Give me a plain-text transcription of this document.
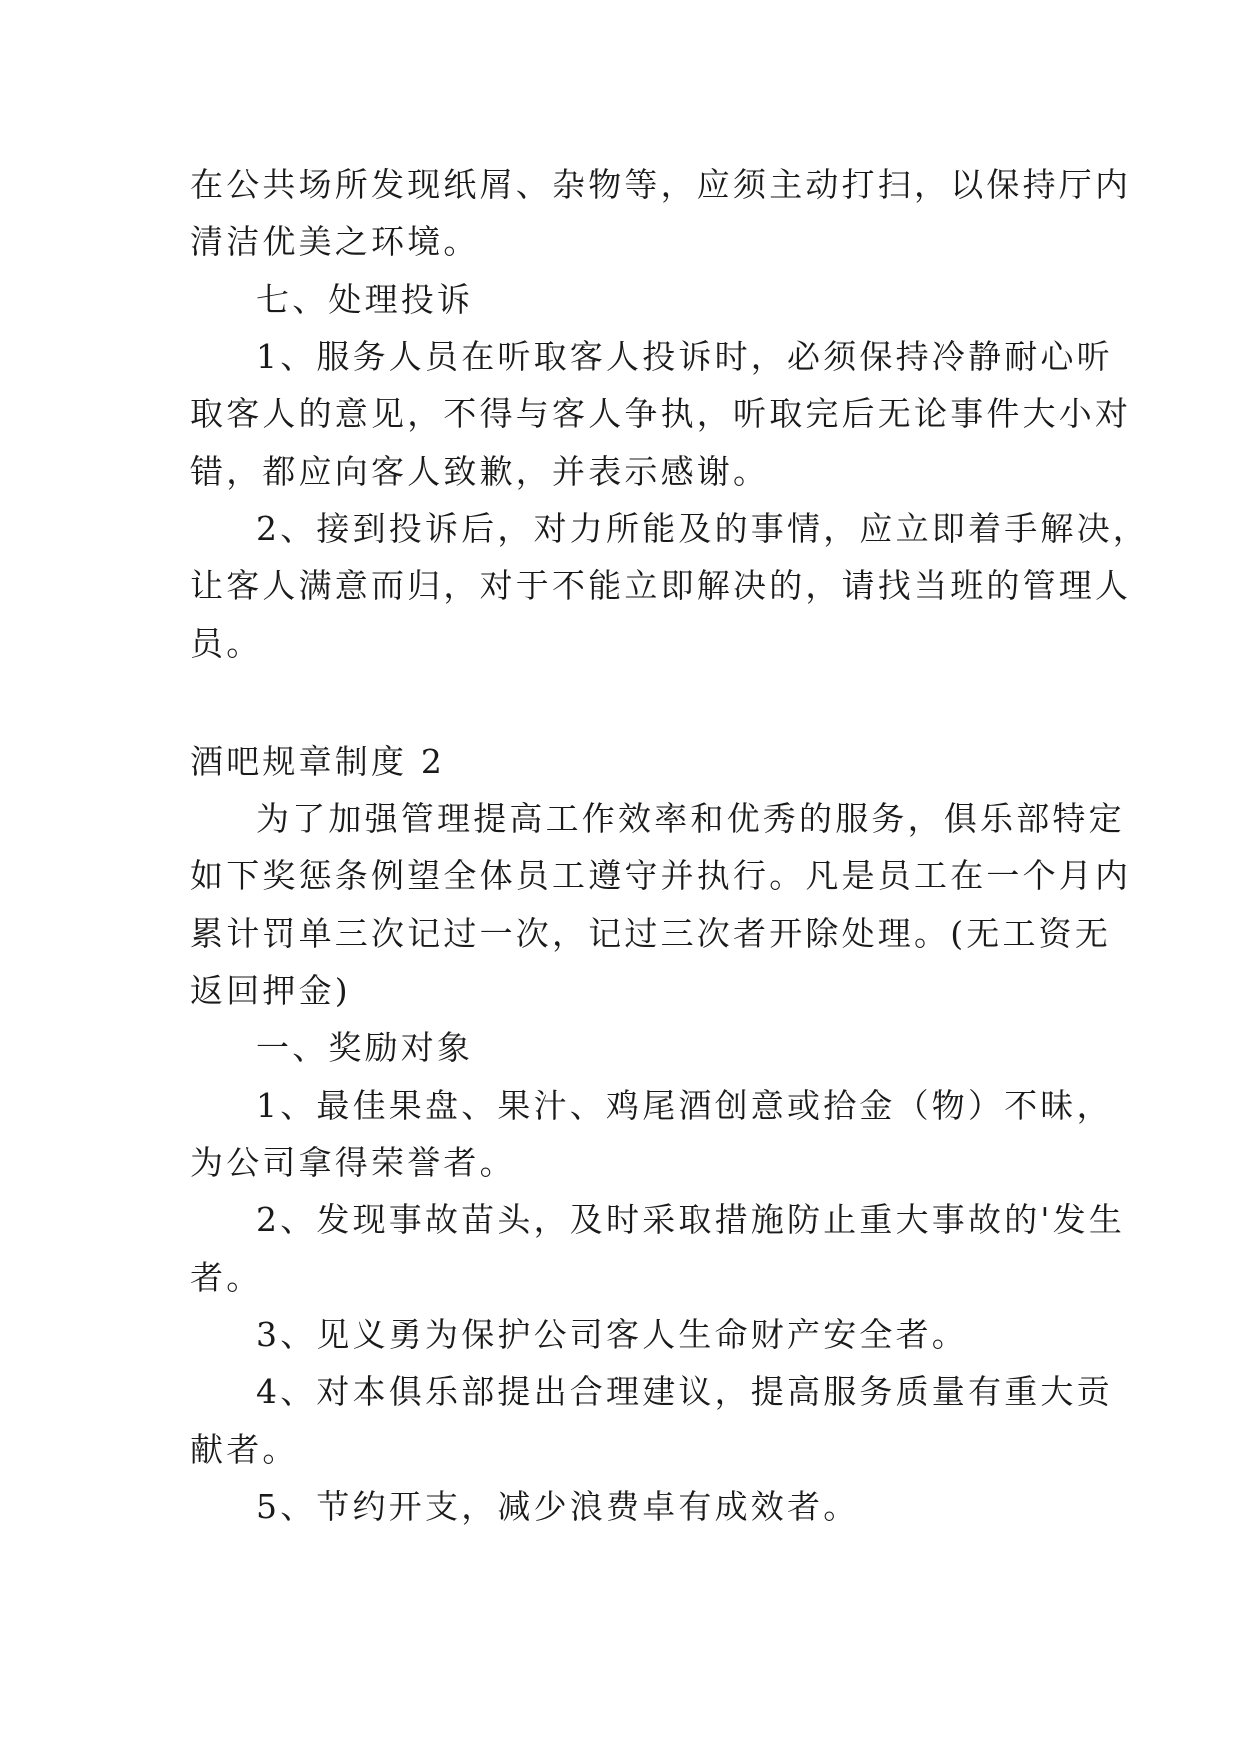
在公共场所发现纸屑、杂物等，应须主动打扫，以保持厅内
清洁优美之环境。
七、处理投诉
1、服务人员在听取客人投诉时，必须保持冷静耐心听
取客人的意见，不得与客人争执，听取完后无论事件大小对
错，都应向客人致歉，并表示感谢。
2、接到投诉后，对力所能及的事情，应立即着手解决，
让客人满意而归，对于不能立即解决的，请找当班的管理人
员。
酒吧规章制度 2
为了加强管理提高工作效率和优秀的服务，俱乐部特定
如下奖惩条例望全体员工遵守并执行。凡是员工在一个月内
累计罚单三次记过一次，记过三次者开除处理。(无工资无
返回押金)
一、奖励对象
1、最佳果盘、果汁、鸡尾酒创意或拾金（物）不昧，
为公司拿得荣誉者。
2、发现事故苗头，及时采取措施防止重大事故的'发生
者。
3、见义勇为保护公司客人生命财产安全者。
4、对本俱乐部提出合理建议，提高服务质量有重大贡
献者。
5、节约开支，减少浪费卓有成效者。
